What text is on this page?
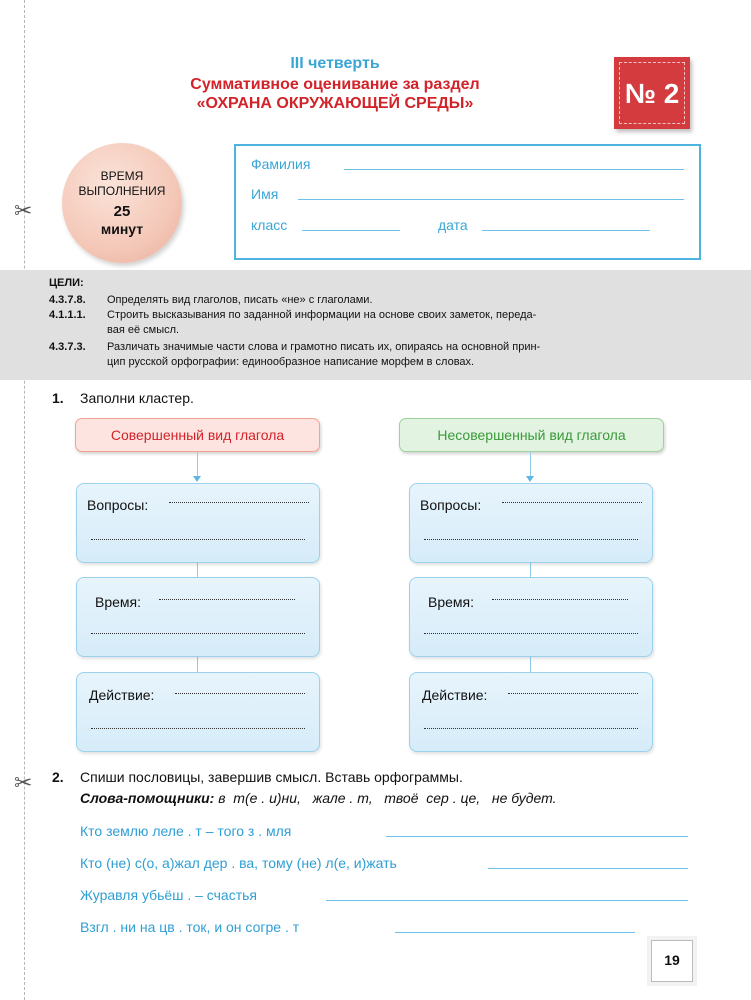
✂
✂
III четверть
Суммативное оценивание за раздел
«ОХРАНА ОКРУЖАЮЩЕЙ СРЕДЫ»	№ 2
ВРЕМЯ
ВЫПОЛНЕНИЯ
25
минут
Фамилия
Имя
класс	дата
ЦЕЛИ:
4.3.7.8. Определять вид глаголов, писать «не» с глаголами.
4.1.1.1. Строить высказывания по заданной информации на основе своих заметок, переда-
вая её смысл.
4.3.7.3. Различать значимые части слова и грамотно писать их, опираясь на основной прин-
цип русской орфографии: единообразное написание морфем в словах.
1. Заполни кластер.
Совершенный вид глагола	Несовершенный вид глагола
Вопросы:
Время:
Действие:
Вопросы:
Время:
Действие:
2. Спиши пословицы, завершив смысл. Вставь орфограммы.
Слова-помощники: в  т(е . и)ни,   жале . т,   твоё  сер . це,   не будет.
Кто землю леле . т – того з . мля
Кто (не) с(о, а)жал дер . ва, тому (не) л(е, и)жать
Журавля убьёш . – счастья
Взгл . ни на цв . ток, и он согре . т
19
